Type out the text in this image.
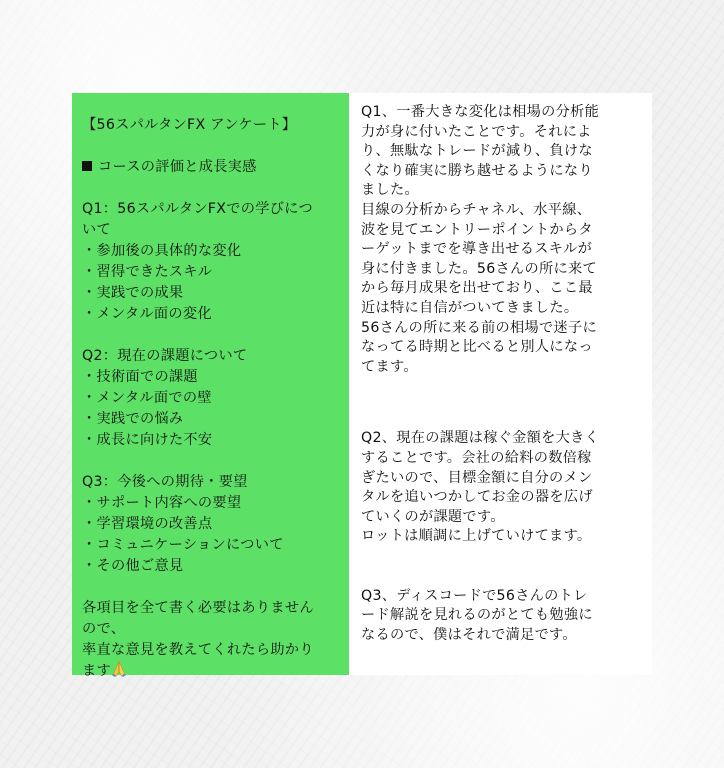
【56スパルタンFX アンケート】
コースの評価と成長実感
Q1：56スパルタンFXでの学びにつ
いて
・参加後の具体的な変化
・習得できたスキル
・実践での成果
・メンタル面の変化
Q2：現在の課題について
・技術面での課題
・メンタル面での壁
・実践での悩み
・成長に向けた不安
Q3：今後への期待・要望
・サポート内容への要望
・学習環境の改善点
・コミュニケーションについて
・その他ご意見
各項目を全て書く必要はありません
ので、
率直な意見を教えてくれたら助かり
ます
Q1、一番大きな変化は相場の分析能
力が身に付いたことです。それによ
り、無駄なトレードが減り、負けな
くなり確実に勝ち越せるようになり
ました。
目線の分析からチャネル、水平線、
波を見てエントリーポイントからタ
ーゲットまでを導き出せるスキルが
身に付きました。56さんの所に来て
から毎月成果を出せており、ここ最
近は特に自信がついてきました。
56さんの所に来る前の相場で迷子に
なってる時期と比べると別人になっ
てます。
Q2、現在の課題は稼ぐ金額を大きく
することです。会社の給料の数倍稼
ぎたいので、目標金額に自分のメン
タルを追いつかしてお金の器を広げ
ていくのが課題です。
ロットは順調に上げていけてます。
Q3、ディスコードで56さんのトレ
ード解説を見れるのがとても勉強に
なるので、僕はそれで満足です。
